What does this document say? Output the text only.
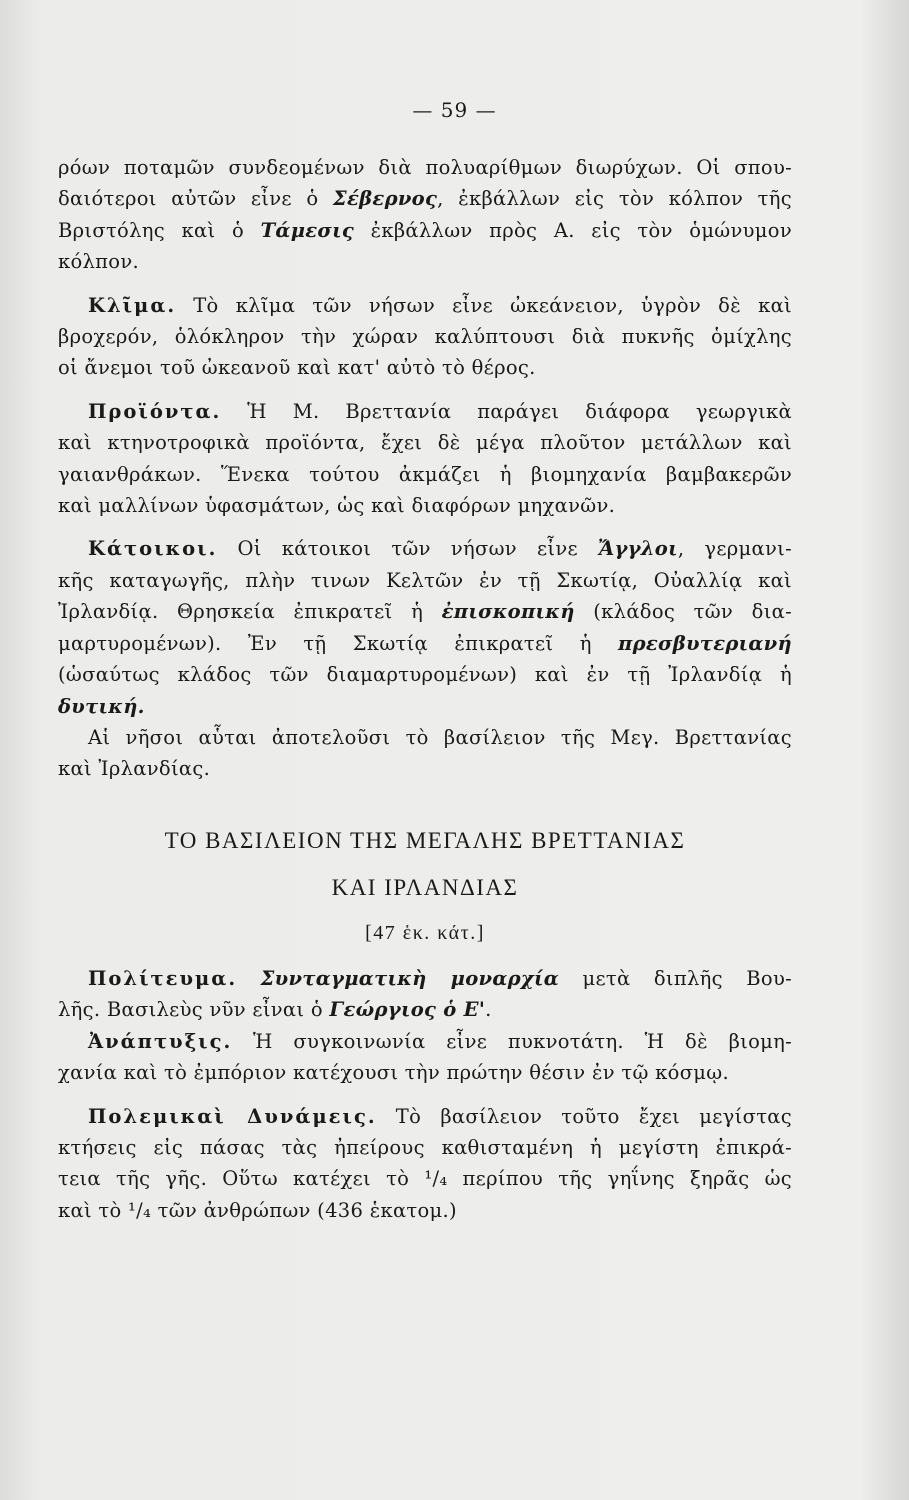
— 59 —
ρόων ποταμῶν συνδεομένων διὰ πολυαρίθμων διωρύχων. Οἱ σπου-
δαιότεροι αὐτῶν εἶνε ὁ Σέβερνος, ἐκβάλλων εἰς τὸν κόλπον τῆς
Βριστόλης καὶ ὁ Τάμεσις ἐκβάλλων πρὸς Α. εἰς τὸν ὁμώνυμον
κόλπον.
Κλῖμα. Τὸ κλῖμα τῶν νήσων εἶνε ὠκεάνειον, ὑγρὸν δὲ καὶ
βροχερόν, ὁλόκληρον τὴν χώραν καλύπτουσι διὰ πυκνῆς ὁμίχλης
οἱ ἄνεμοι τοῦ ὠκεανοῦ καὶ κατ' αὐτὸ τὸ θέρος.
Προϊόντα. Ἡ Μ. Βρεττανία παράγει διάφορα γεωργικὰ
καὶ κτηνοτροφικὰ προϊόντα, ἔχει δὲ μέγα πλοῦτον μετάλλων καὶ
γαιανθράκων. Ἕνεκα τούτου ἀκμάζει ἡ βιομηχανία βαμβακερῶν
καὶ μαλλίνων ὑφασμάτων, ὡς καὶ διαφόρων μηχανῶν.
Κάτοικοι. Οἱ κάτοικοι τῶν νήσων εἶνε Ἄγγλοι, γερμανι-
κῆς καταγωγῆς, πλὴν τινων Κελτῶν ἐν τῇ Σκωτίᾳ, Οὐαλλίᾳ καὶ
Ἰρλανδίᾳ. Θρησκεία ἐπικρατεῖ ἡ ἐπισκοπική (κλάδος τῶν δια-
μαρτυρομένων). Ἐν τῇ Σκωτίᾳ ἐπικρατεῖ ἡ πρεσβυτεριανή
(ὡσαύτως κλάδος τῶν διαμαρτυρομένων) καὶ ἐν τῇ Ἰρλανδίᾳ ἡ
δυτική.
Αἱ νῆσοι αὗται ἀποτελοῦσι τὸ βασίλειον τῆς Μεγ. Βρεττανίας
καὶ Ἰρλανδίας.
ΤΟ ΒΑΣΙΛΕΙΟΝ ΤΗΣ ΜΕΓΑΛΗΣ ΒΡΕΤΤΑΝΙΑΣ
ΚΑΙ ΙΡΛΑΝΔΙΑΣ
[47 ἑκ. κάτ.]
Πολίτευμα. Συνταγματικὴ μοναρχία μετὰ διπλῆς Βου-
λῆς. Βασιλεὺς νῦν εἶναι ὁ Γεώργιος ὁ Ε'.
Ἀνάπτυξις. Ἡ συγκοινωνία εἶνε πυκνοτάτη. Ἡ δὲ βιομη-
χανία καὶ τὸ ἐμπόριον κατέχουσι τὴν πρώτην θέσιν ἐν τῷ κόσμῳ.
Πολεμικαὶ Δυνάμεις. Τὸ βασίλειον τοῦτο ἔχει μεγίστας
κτήσεις εἰς πάσας τὰς ἠπείρους καθισταμένη ἡ μεγίστη ἐπικρά-
τεια τῆς γῆς. Οὕτω κατέχει τὸ ¹/₄ περίπου τῆς γηΐνης ξηρᾶς ὡς
καὶ τὸ ¹/₄ τῶν ἀνθρώπων (436 ἑκατομ.)
